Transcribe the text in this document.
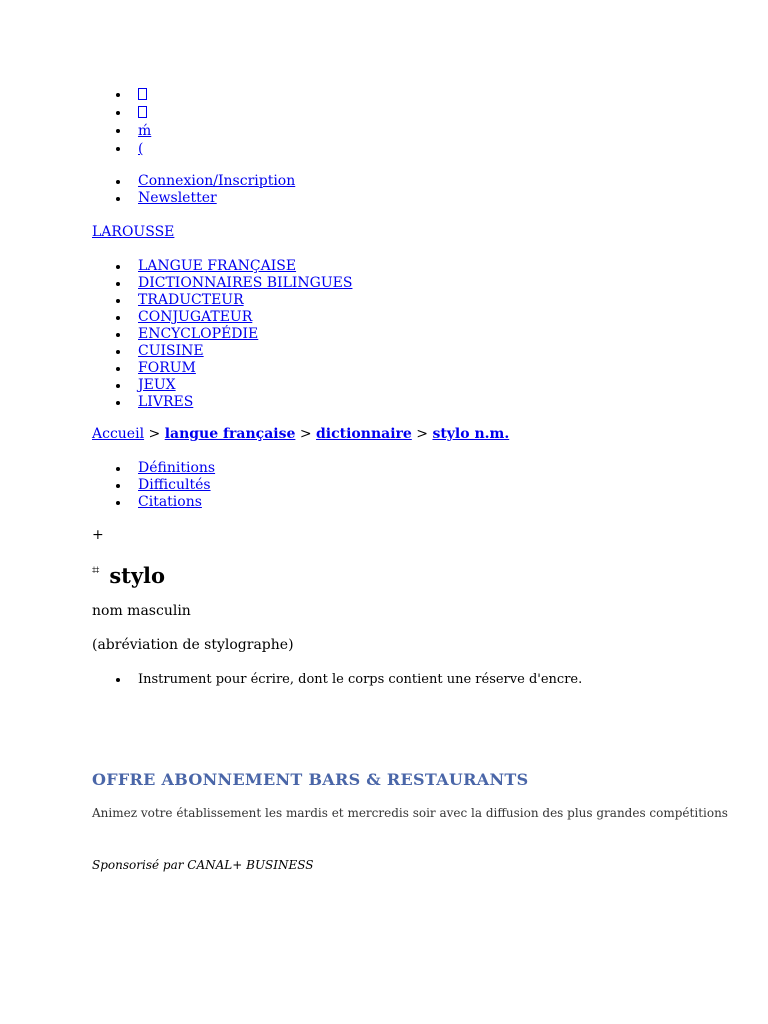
ḿ
(
Connexion/Inscription
Newsletter
LAROUSSE
LANGUE FRANÇAISE
DICTIONNAIRES BILINGUES
TRADUCTEUR
CONJUGATEUR
ENCYCLOPÉDIE
CUISINE
FORUM
JEUX
LIVRES
Accueil > langue française > dictionnaire > stylo n.m.
Définitions
Difficultés
Citations
+
⌗ stylo
nom masculin
(abréviation de stylographe)
Instrument pour écrire, dont le corps contient une réserve d'encre.
OFFRE ABONNEMENT BARS & RESTAURANTS
Animez votre établissement les mardis et mercredis soir avec la diffusion des plus grandes compétitions
Sponsorisé par CANAL+ BUSINESS
